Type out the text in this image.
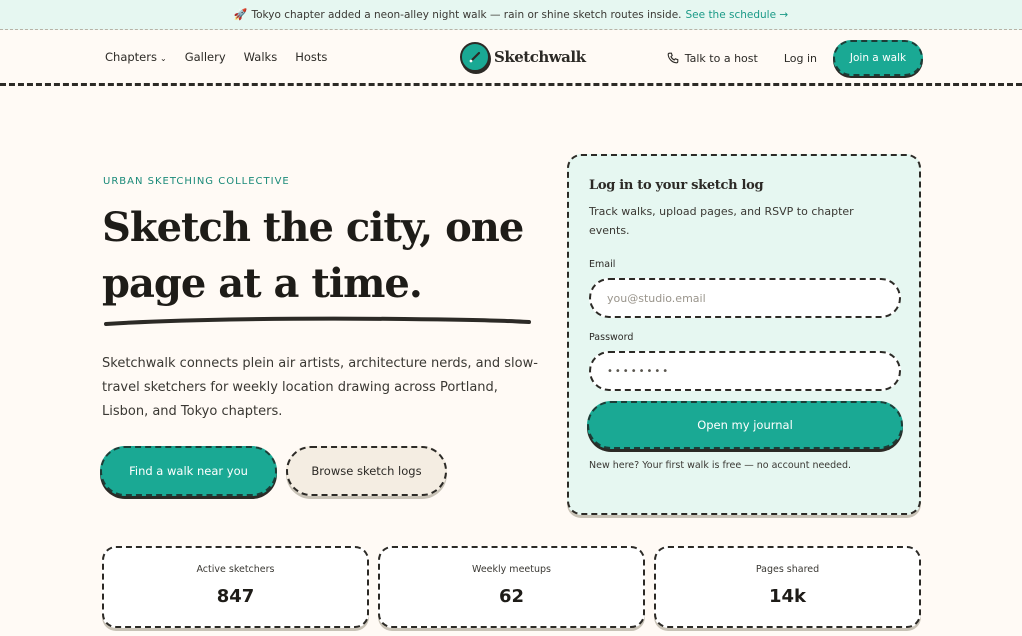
🚀 Tokyo chapter added a neon-alley night walk — rain or shine sketch routes inside. See the schedule →
Chapters ⌄ Gallery Walks Hosts	Sketchwalk	Talk to a host Log in	Join a walk
URBAN SKETCHING COLLECTIVE
Sketch the city, one page at a time.

Sketchwalk connects plein air artists, architecture nerds, and slow-travel sketchers for weekly location drawing across Portland, Lisbon, and Tokyo chapters.

Find a walk near you	Browse sketch logs
Log in to your sketch log
Track walks, upload pages, and RSVP to chapter events.
Email
you@studio.email
Password
••••••••
Open my journal
New here? Your first walk is free — no account needed.
Active sketchers
847
Weekly meetups
62
Pages shared
14k
